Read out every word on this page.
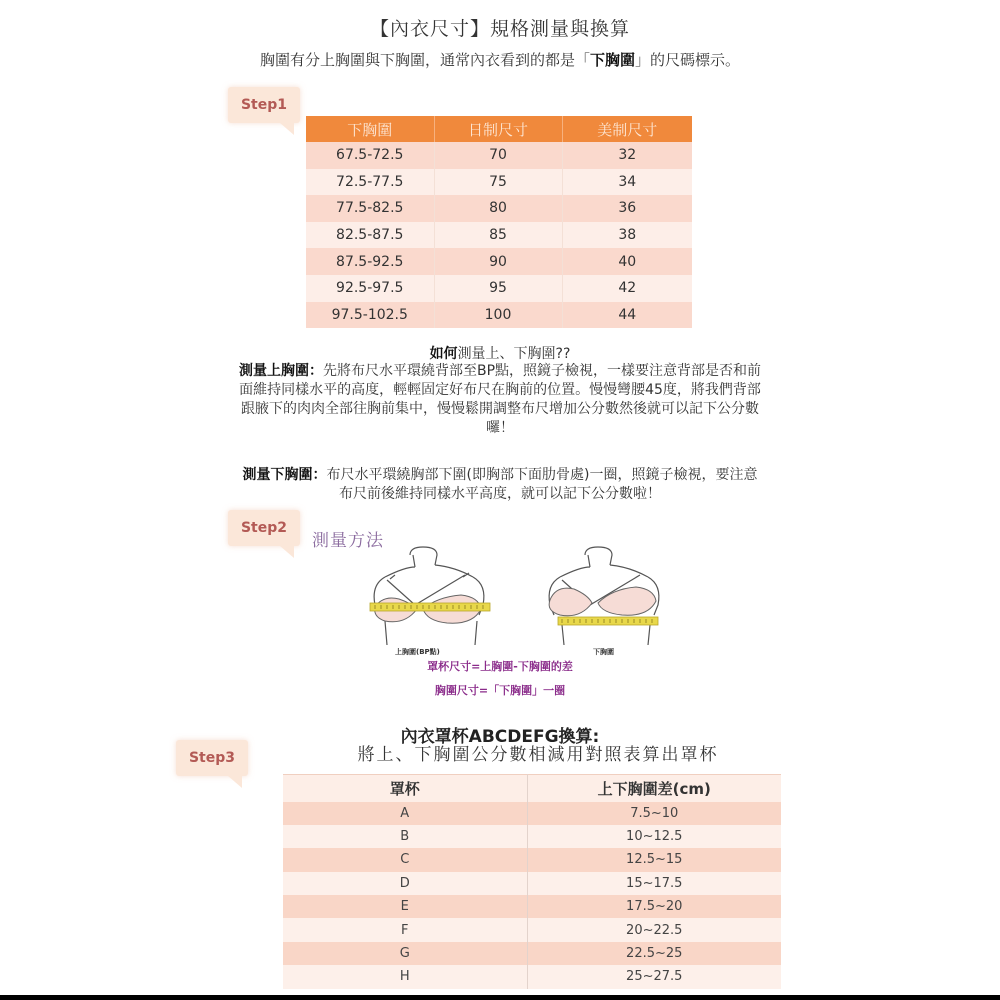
【內衣尺寸】規格測量與換算
胸圍有分上胸圍與下胸圍，通常內衣看到的都是「下胸圍」的尺碼標示。
Step1
下胸圍	日制尺寸	美制尺寸
67.5-72.5	70	32
72.5-77.5	75	34
77.5-82.5	80	36
82.5-87.5	85	38
87.5-92.5	90	40
92.5-97.5	95	42
97.5-102.5	100	44
如何測量上、下胸圍??
測量上胸圍：先將布尺水平環繞背部至BP點，照鏡子檢視，一樣要注意背部是否和前面維持同樣水平的高度，輕輕固定好布尺在胸前的位置。慢慢彎腰45度，將我們背部跟腋下的肉肉全部往胸前集中，慢慢鬆開調整布尺增加公分數然後就可以記下公分數囉！
測量下胸圍：布尺水平環繞胸部下圍(即胸部下面肋骨處)一圈，照鏡子檢視，要注意布尺前後維持同樣水平高度，就可以記下公分數啦！
Step2
測量方法
上胸圍(BP點)	下胸圍
罩杯尺寸=上胸圍-下胸圍的差
胸圍尺寸=「下胸圍」一圈
Step3
內衣罩杯ABCDEFG換算:
將上、下胸圍公分數相減用對照表算出罩杯
罩杯	上下胸圍差(cm)
A	7.5~10
B	10~12.5
C	12.5~15
D	15~17.5
E	17.5~20
F	20~22.5
G	22.5~25
H	25~27.5
